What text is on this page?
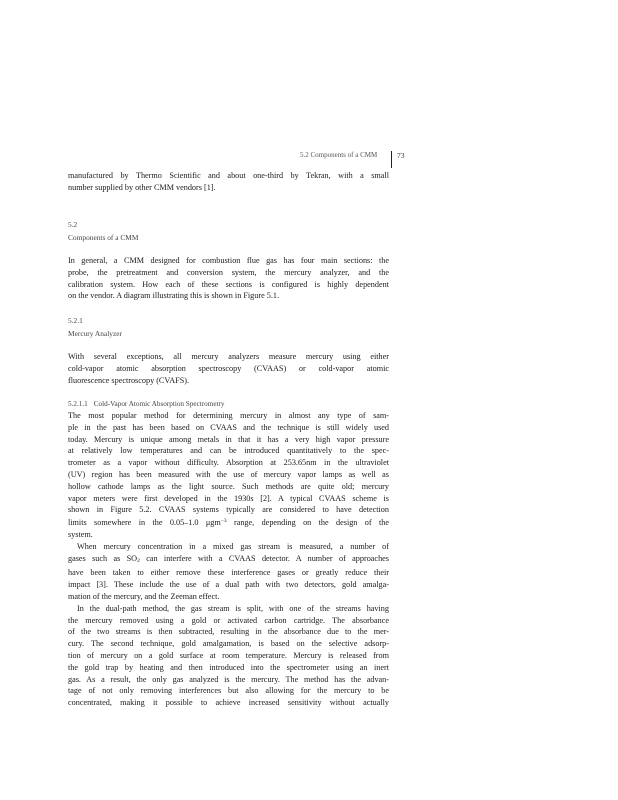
5.2 Components of a CMM	73
manufactured by Thermo Scientific and about one-third by Tekran, with a small
number supplied by other CMM vendors [1].
5.2
Components of a CMM
In general, a CMM designed for combustion flue gas has four main sections: the
probe, the pretreatment and conversion system, the mercury analyzer, and the
calibration system. How each of these sections is configured is highly dependent
on the vendor. A diagram illustrating this is shown in Figure 5.1.
5.2.1
Mercury Analyzer
With several exceptions, all mercury analyzers measure mercury using either
cold-vapor atomic absorption spectroscopy (CVAAS) or cold-vapor atomic
fluorescence spectroscopy (CVAFS).
5.2.1.1 Cold-Vapor Atomic Absorption Spectrometry
The most popular method for determining mercury in almost any type of sam-
ple in the past has been based on CVAAS and the technique is still widely used
today. Mercury is unique among metals in that it has a very high vapor pressure
at relatively low temperatures and can be introduced quantitatively to the spec-
trometer as a vapor without difficulty. Absorption at 253.65nm in the ultraviolet
(UV) region has been measured with the use of mercury vapor lamps as well as
hollow cathode lamps as the light source. Such methods are quite old; mercury
vapor meters were first developed in the 1930s [2]. A typical CVAAS scheme is
shown in Figure 5.2. CVAAS systems typically are considered to have detection
limits somewhere in the 0.05–1.0 μgm$^{-3}$ range, depending on the design of the
system.
When mercury concentration in a mixed gas stream is measured, a number of
gases such as $SO_2$ can interfere with a CVAAS detector. A number of approaches
have been taken to either remove these interference gases or greatly reduce their
impact [3]. These include the use of a dual path with two detectors, gold amalga-
mation of the mercury, and the Zeeman effect.
In the dual-path method, the gas stream is split, with one of the streams having
the mercury removed using a gold or activated carbon cartridge. The absorbance
of the two streams is then subtracted, resulting in the absorbance due to the mer-
cury. The second technique, gold amalgamation, is based on the selective adsorp-
tion of mercury on a gold surface at room temperature. Mercury is released from
the gold trap by heating and then introduced into the spectrometer using an inert
gas. As a result, the only gas analyzed is the mercury. The method has the advan-
tage of not only removing interferences but also allowing for the mercury to be
concentrated, making it possible to achieve increased sensitivity without actually
